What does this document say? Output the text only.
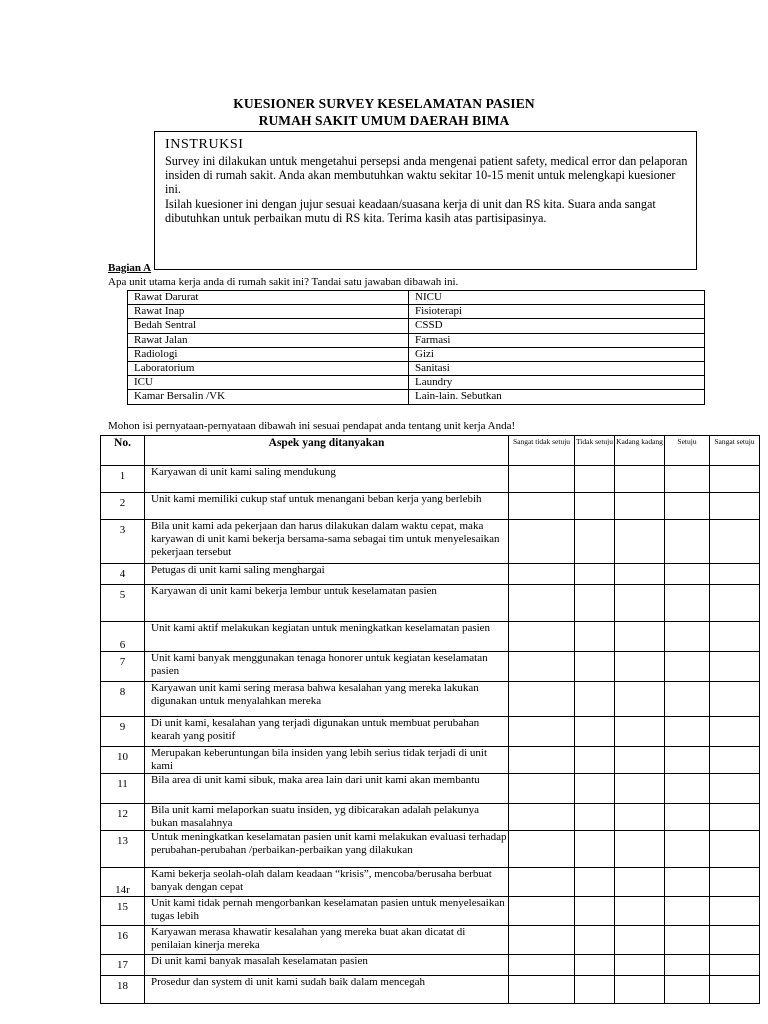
KUESIONER SURVEY KESELAMATAN PASIEN
RUMAH SAKIT UMUM DAERAH BIMA
Bagian A
INSTRUKSI

Survey ini dilakukan untuk mengetahui persepsi anda mengenai patient safety, medical error dan pelaporan insiden di rumah sakit. Anda akan membutuhkan waktu sekitar 10-15 menit untuk melengkapi kuesioner ini.

Isilah kuesioner ini dengan jujur sesuai keadaan/suasana kerja di unit dan RS kita. Suara anda sangat dibutuhkan untuk perbaikan mutu di RS kita. Terima kasih atas partisipasinya.

Apa unit utama kerja anda di rumah sakit ini? Tandai satu jawaban dibawah ini.
Rawat Darurat	NICU
Rawat Inap	Fisioterapi
Bedah Sentral	CSSD
Rawat Jalan	Farmasi
Radiologi	Gizi
Laboratorium	Sanitasi
ICU	Laundry
Kamar Bersalin /VK	Lain-lain. Sebutkan
Mohon isi pernyataan-pernyataan dibawah ini sesuai pendapat anda tentang unit kerja Anda!
No.	Aspek yang ditanyakan	Sangat tidak setuju	Tidak setuju	Kadang kadang	Setuju	Sangat setuju
1	Karyawan di unit kami saling mendukung					
2	Unit kami memiliki cukup staf untuk menangani beban kerja yang berlebih					
3	Bila unit kami ada pekerjaan dan harus dilakukan dalam waktu cepat, maka karyawan di unit kami bekerja bersama-sama sebagai tim untuk menyelesaikan pekerjaan tersebut					
4	Petugas di unit kami saling menghargai					
5	Karyawan di unit kami bekerja lembur untuk keselamatan pasien					
6	Unit kami aktif melakukan kegiatan untuk meningkatkan keselamatan pasien					
7	Unit kami banyak menggunakan tenaga honorer untuk kegiatan keselamatan pasien					
8	Karyawan unit kami sering merasa bahwa kesalahan yang mereka lakukan digunakan untuk menyalahkan mereka					
9	Di unit kami, kesalahan yang terjadi digunakan untuk membuat perubahan kearah yang positif					
10	Merupakan keberuntungan bila insiden yang lebih serius tidak terjadi di unit kami					
11	Bila area di unit kami sibuk, maka area lain dari unit kami akan membantu					
12	Bila unit kami melaporkan suatu insiden, yg dibicarakan adalah pelakunya bukan masalahnya					
13	Untuk meningkatkan keselamatan pasien unit kami melakukan evaluasi terhadap perubahan-perubahan /perbaikan-perbaikan yang dilakukan					
14r	Kami bekerja seolah-olah dalam keadaan “krisis”, mencoba/berusaha berbuat banyak dengan cepat					
15	Unit kami tidak pernah mengorbankan keselamatan pasien untuk menyelesaikan tugas lebih					
16	Karyawan merasa khawatir kesalahan yang mereka buat akan dicatat di penilaian kinerja mereka					
17	Di unit kami banyak masalah keselamatan pasien					
18	Prosedur dan system di unit kami sudah baik dalam mencegah					
